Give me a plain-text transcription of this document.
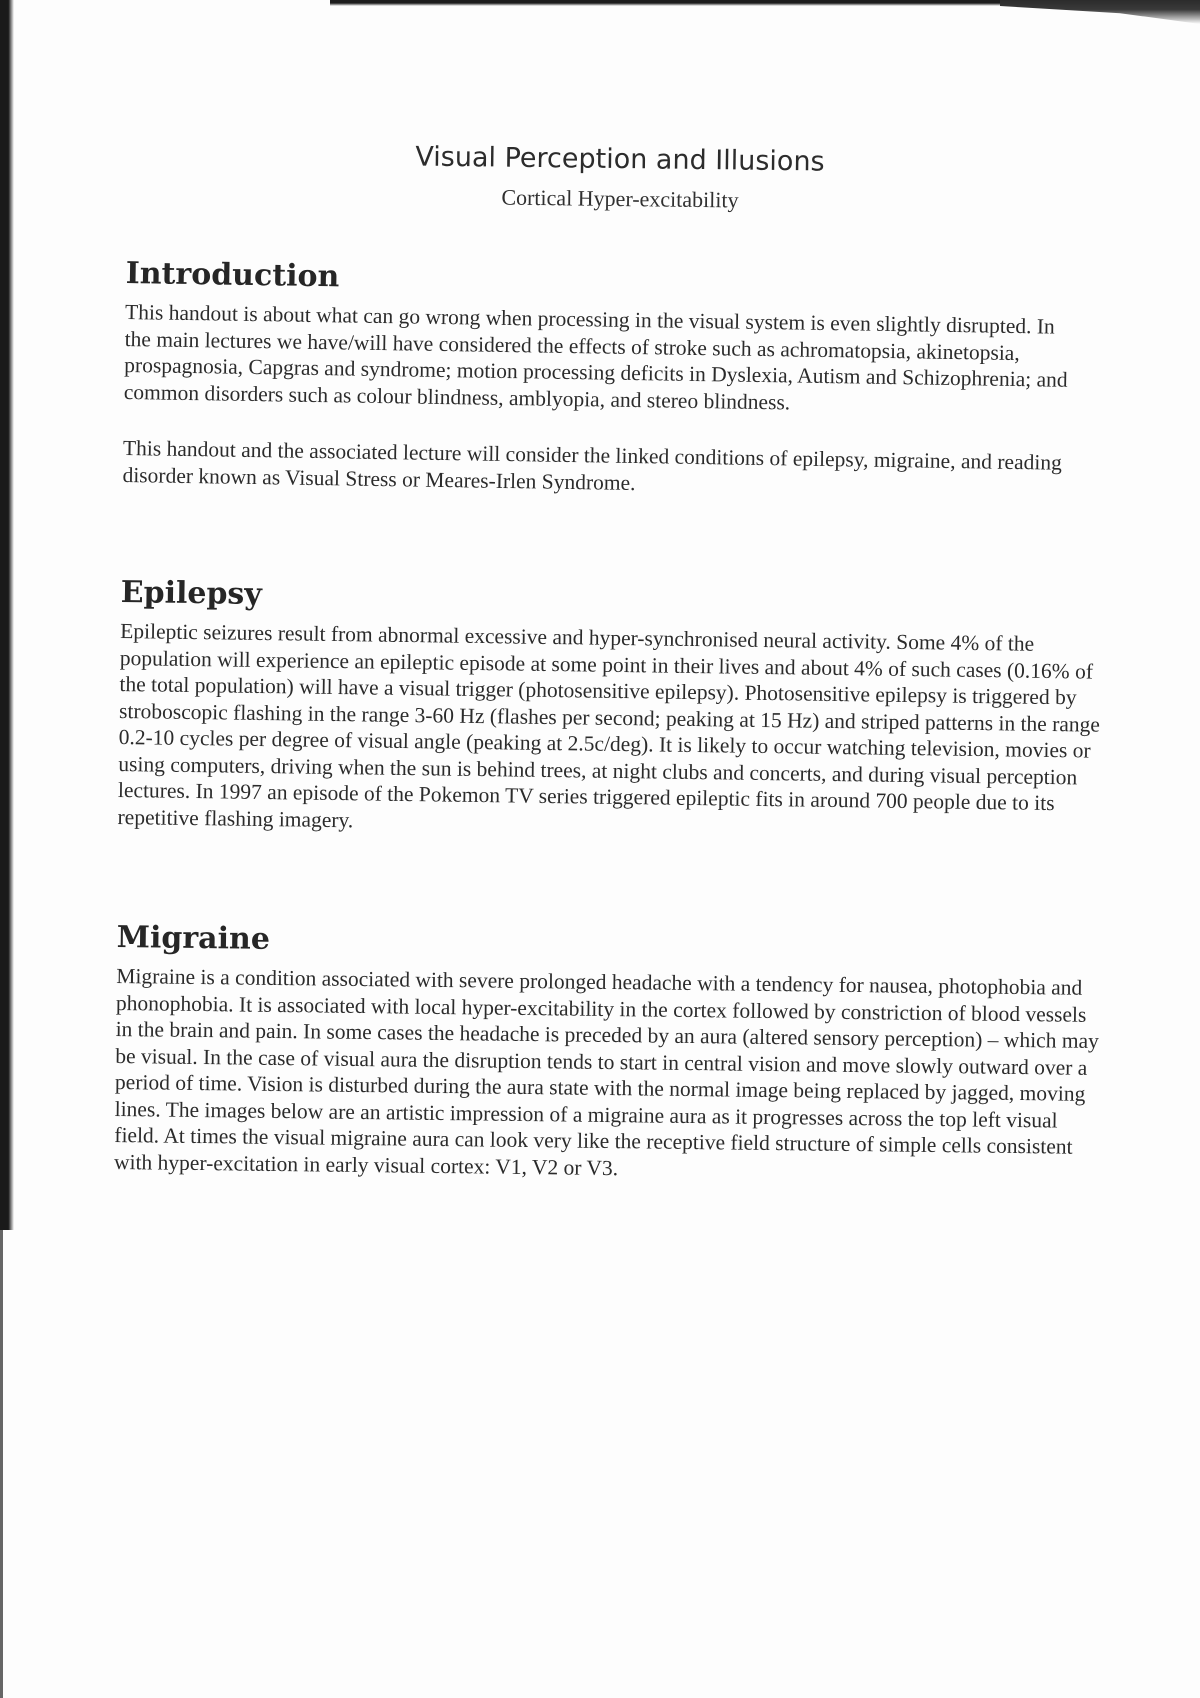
Visual Perception and Illusions
Cortical Hyper-excitability
Introduction

This handout is about what can go wrong when processing in the visual system is even slightly disrupted. In the main lectures we have/will have considered the effects of stroke such as achromatopsia, akinetopsia, prospagnosia, Capgras and syndrome; motion processing deficits in Dyslexia, Autism and Schizophrenia; and common disorders such as colour blindness, amblyopia, and stereo blindness.

This handout and the associated lecture will consider the linked conditions of epilepsy, migraine, and reading disorder known as Visual Stress or Meares-Irlen Syndrome.

Epilepsy

Epileptic seizures result from abnormal excessive and hyper-synchronised neural activity. Some 4% of the population will experience an epileptic episode at some point in their lives and about 4% of such cases (0.16% of the total population) will have a visual trigger (photosensitive epilepsy). Photosensitive epilepsy is triggered by stroboscopic flashing in the range 3-60 Hz (flashes per second; peaking at 15 Hz) and striped patterns in the range 0.2-10 cycles per degree of visual angle (peaking at 2.5c/deg). It is likely to occur watching television, movies or using computers, driving when the sun is behind trees, at night clubs and concerts, and during visual perception lectures. In 1997 an episode of the Pokemon TV series triggered epileptic fits in around 700 people due to its repetitive flashing imagery.

Migraine

Migraine is a condition associated with severe prolonged headache with a tendency for nausea, photophobia and phonophobia. It is associated with local hyper-excitability in the cortex followed by constriction of blood vessels in the brain and pain. In some cases the headache is preceded by an aura (altered sensory perception) – which may be visual. In the case of visual aura the disruption tends to start in central vision and move slowly outward over a period of time. Vision is disturbed during the aura state with the normal image being replaced by jagged, moving lines. The images below are an artistic impression of a migraine aura as it progresses across the top left visual field. At times the visual migraine aura can look very like the receptive field structure of simple cells consistent with hyper-excitation in early visual cortex: V1, V2 or V3.
